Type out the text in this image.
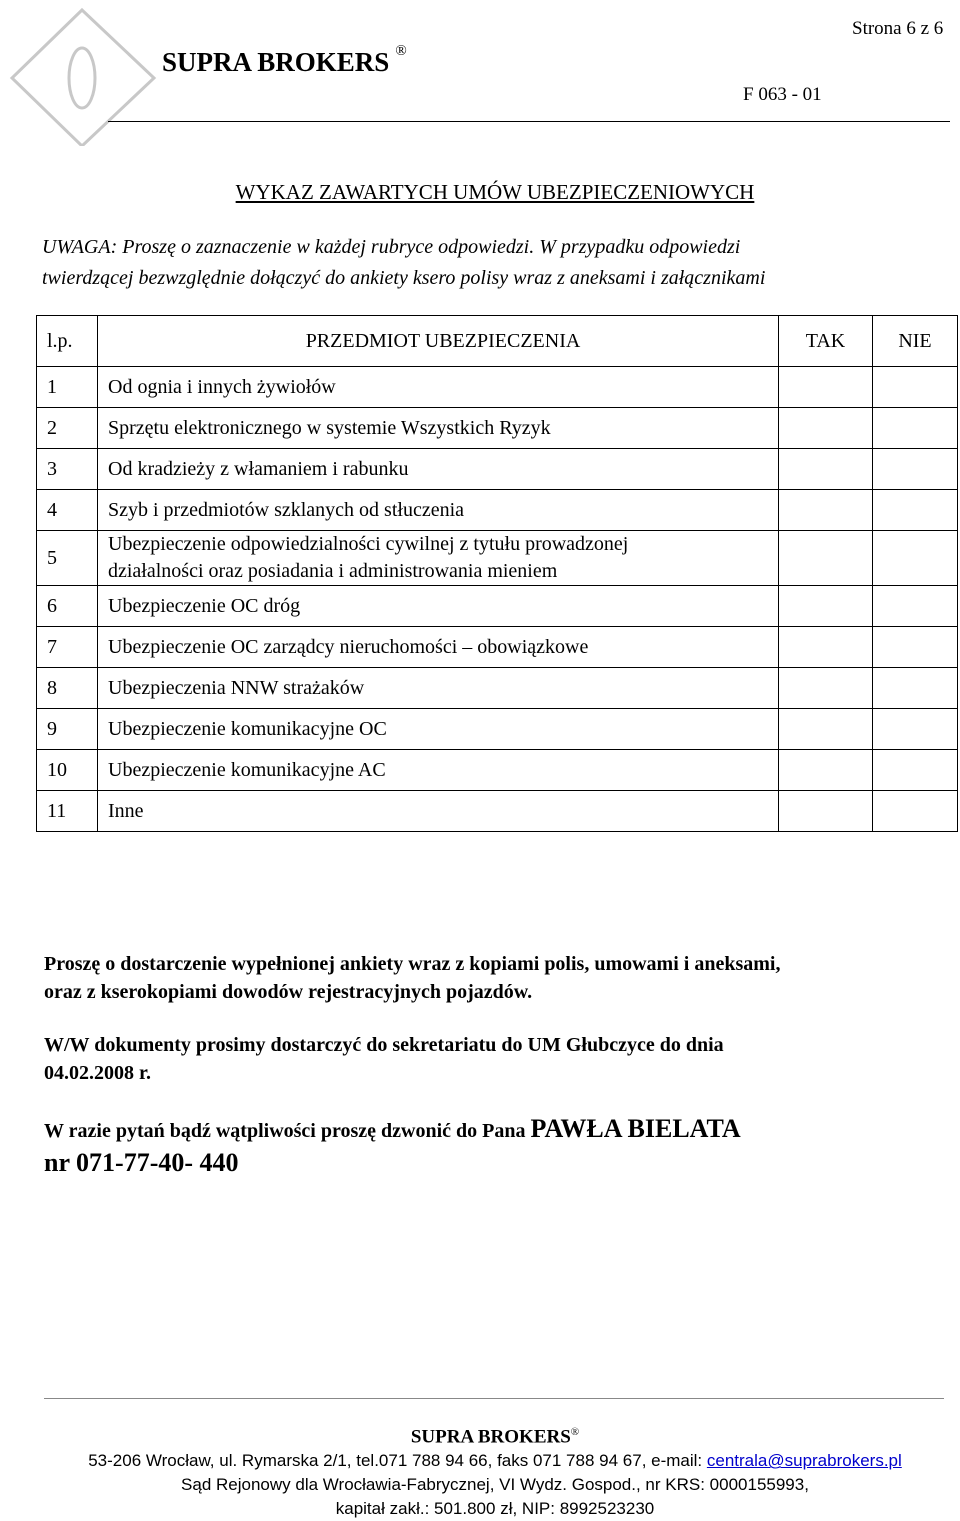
SUPRA BROKERS ®
Strona 6 z 6
F 063 - 01
WYKAZ ZAWARTYCH UMÓW UBEZPIECZENIOWYCH
UWAGA: Proszę o zaznaczenie w każdej rubryce odpowiedzi. W przypadku odpowiedzi
twierdzącej bezwzględnie dołączyć do ankiety ksero polisy wraz z aneksami i załącznikami
l.p.	PRZEDMIOT UBEZPIECZENIA	TAK	NIE
1	Od ognia i innych żywiołów		
2	Sprzętu elektronicznego w systemie Wszystkich Ryzyk		
3	Od kradzieży z włamaniem i rabunku		
4	Szyb i przedmiotów szklanych od stłuczenia		
5	Ubezpieczenie odpowiedzialności cywilnej z tytułu prowadzonej
działalności oraz posiadania i administrowania mieniem		

6	Ubezpieczenie OC dróg		
7	Ubezpieczenie OC zarządcy nieruchomości – obowiązkowe		
8	Ubezpieczenia NNW strażaków		
9	Ubezpieczenie komunikacyjne OC		
10	Ubezpieczenie komunikacyjne AC		
11	Inne		
Proszę o dostarczenie wypełnionej ankiety wraz z kopiami polis, umowami i aneksami,
oraz z kserokopiami dowodów rejestracyjnych pojazdów.
W/W dokumenty prosimy dostarczyć do sekretariatu do UM Głubczyce do dnia
04.02.2008 r.
W razie pytań bądź wątpliwości proszę dzwonić do Pana PAWŁA BIELATA
nr 071-77-40- 440
SUPRA BROKERS®
53-206 Wrocław, ul. Rymarska 2/1, tel.071 788 94 66, faks 071 788 94 67, e-mail: centrala@suprabrokers.pl
Sąd Rejonowy dla Wrocławia-Fabrycznej, VI Wydz. Gospod., nr KRS: 0000155993,
kapitał zakł.: 501.800 zł, NIP: 8992523230
